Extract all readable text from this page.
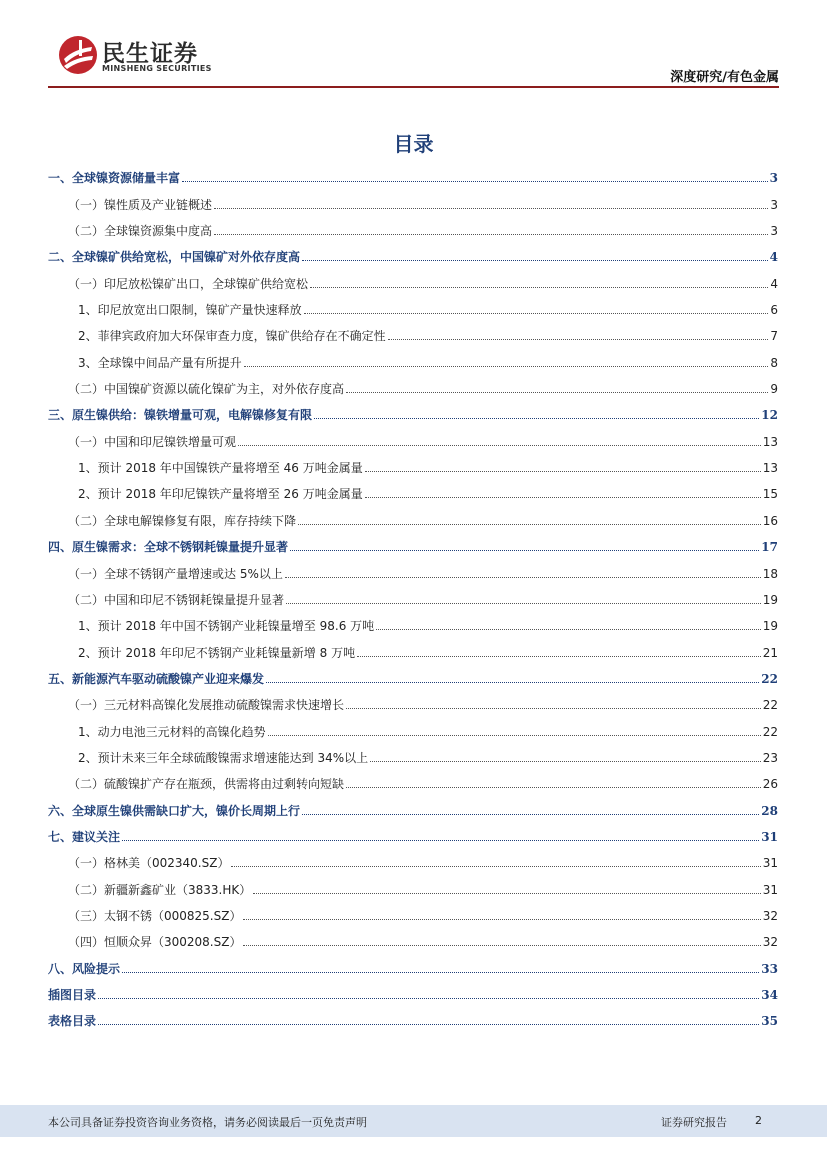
民生证券
MINSHENG SECURITIES
深度研究/有色金属
目录
一、全球镍资源储量丰富	3
（一）镍性质及产业链概述	3
（二）全球镍资源集中度高	3
二、全球镍矿供给宽松，中国镍矿对外依存度高	4
（一）印尼放松镍矿出口，全球镍矿供给宽松	4
1、印尼放宽出口限制，镍矿产量快速释放	6
2、菲律宾政府加大环保审查力度，镍矿供给存在不确定性	7
3、全球镍中间品产量有所提升	8
（二）中国镍矿资源以硫化镍矿为主，对外依存度高	9
三、原生镍供给：镍铁增量可观，电解镍修复有限	12
（一）中国和印尼镍铁增量可观	13
1、预计 2018 年中国镍铁产量将增至 46 万吨金属量	13
2、预计 2018 年印尼镍铁产量将增至 26 万吨金属量	15
（二）全球电解镍修复有限，库存持续下降	16
四、原生镍需求：全球不锈钢耗镍量提升显著	17
（一）全球不锈钢产量增速或达 5%以上	18
（二）中国和印尼不锈钢耗镍量提升显著	19
1、预计 2018 年中国不锈钢产业耗镍量增至 98.6 万吨	19
2、预计 2018 年印尼不锈钢产业耗镍量新增 8 万吨	21
五、新能源汽车驱动硫酸镍产业迎来爆发	22
（一）三元材料高镍化发展推动硫酸镍需求快速增长	22
1、动力电池三元材料的高镍化趋势	22
2、预计未来三年全球硫酸镍需求增速能达到 34%以上	23
（二）硫酸镍扩产存在瓶颈，供需将由过剩转向短缺	26
六、全球原生镍供需缺口扩大，镍价长周期上行	28
七、建议关注	31
（一）格林美（002340.SZ）	31
（二）新疆新鑫矿业（3833.HK）	31
（三）太钢不锈（000825.SZ）	32
（四）恒顺众昇（300208.SZ）	32
八、风险提示	33
插图目录	34
表格目录	35
本公司具备证券投资咨询业务资格，请务必阅读最后一页免责声明	证券研究报告	2
